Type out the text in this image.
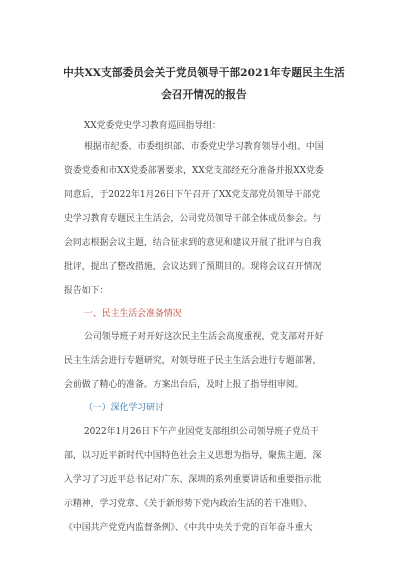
中共XX支部委员会关于党员领导干部2021年专题民主生活
会召开情况的报告
XX党委党史学习教育巡回指导组：
根据市纪委、市委组织部、市委党史学习教育领导小组、中国
资委党委和市XX党委部署要求，XX党支部经充分准备并报XX党委
同意后，于2022年1月26日下午召开了XX党支部党员领导干部党
史学习教育专题民主生活会，公司党员领导干部全体成员参会。与
会同志根据会议主题，结合征求到的意见和建议开展了批评与自我
批评，提出了整改措施，会议达到了预期目的。现将会议召开情况
报告如下：
一、民主生活会准备情况
公司领导班子对开好这次民主生活会高度重视，党支部对开好
民主生活会进行专题研究，对领导班子民主生活会进行专题部署，
会前做了精心的准备。方案出台后，及时上报了指导组审阅。
（一）深化学习研讨
2022年1月26日下午产业园党支部组织公司领导班子党员干
部，以习近平新时代中国特色社会主义思想为指导，聚焦主题，深
入学习了习近平总书记对广东、深圳的系列重要讲话和重要指示批
示精神，学习党章、《关于新形势下党内政治生活的若干准则》、
《中国共产党党内监督条例》、《中共中央关于党的百年奋斗重大
